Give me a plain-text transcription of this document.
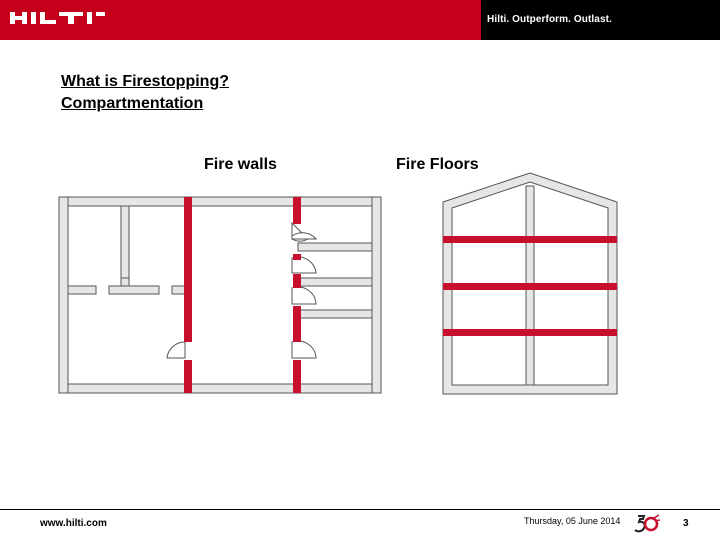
Hilti. Outperform. Outlast.
What is Firestopping?
Compartmentation
Fire walls	Fire Floors
www.hilti.com	Thursday, 05 June 2014	3
